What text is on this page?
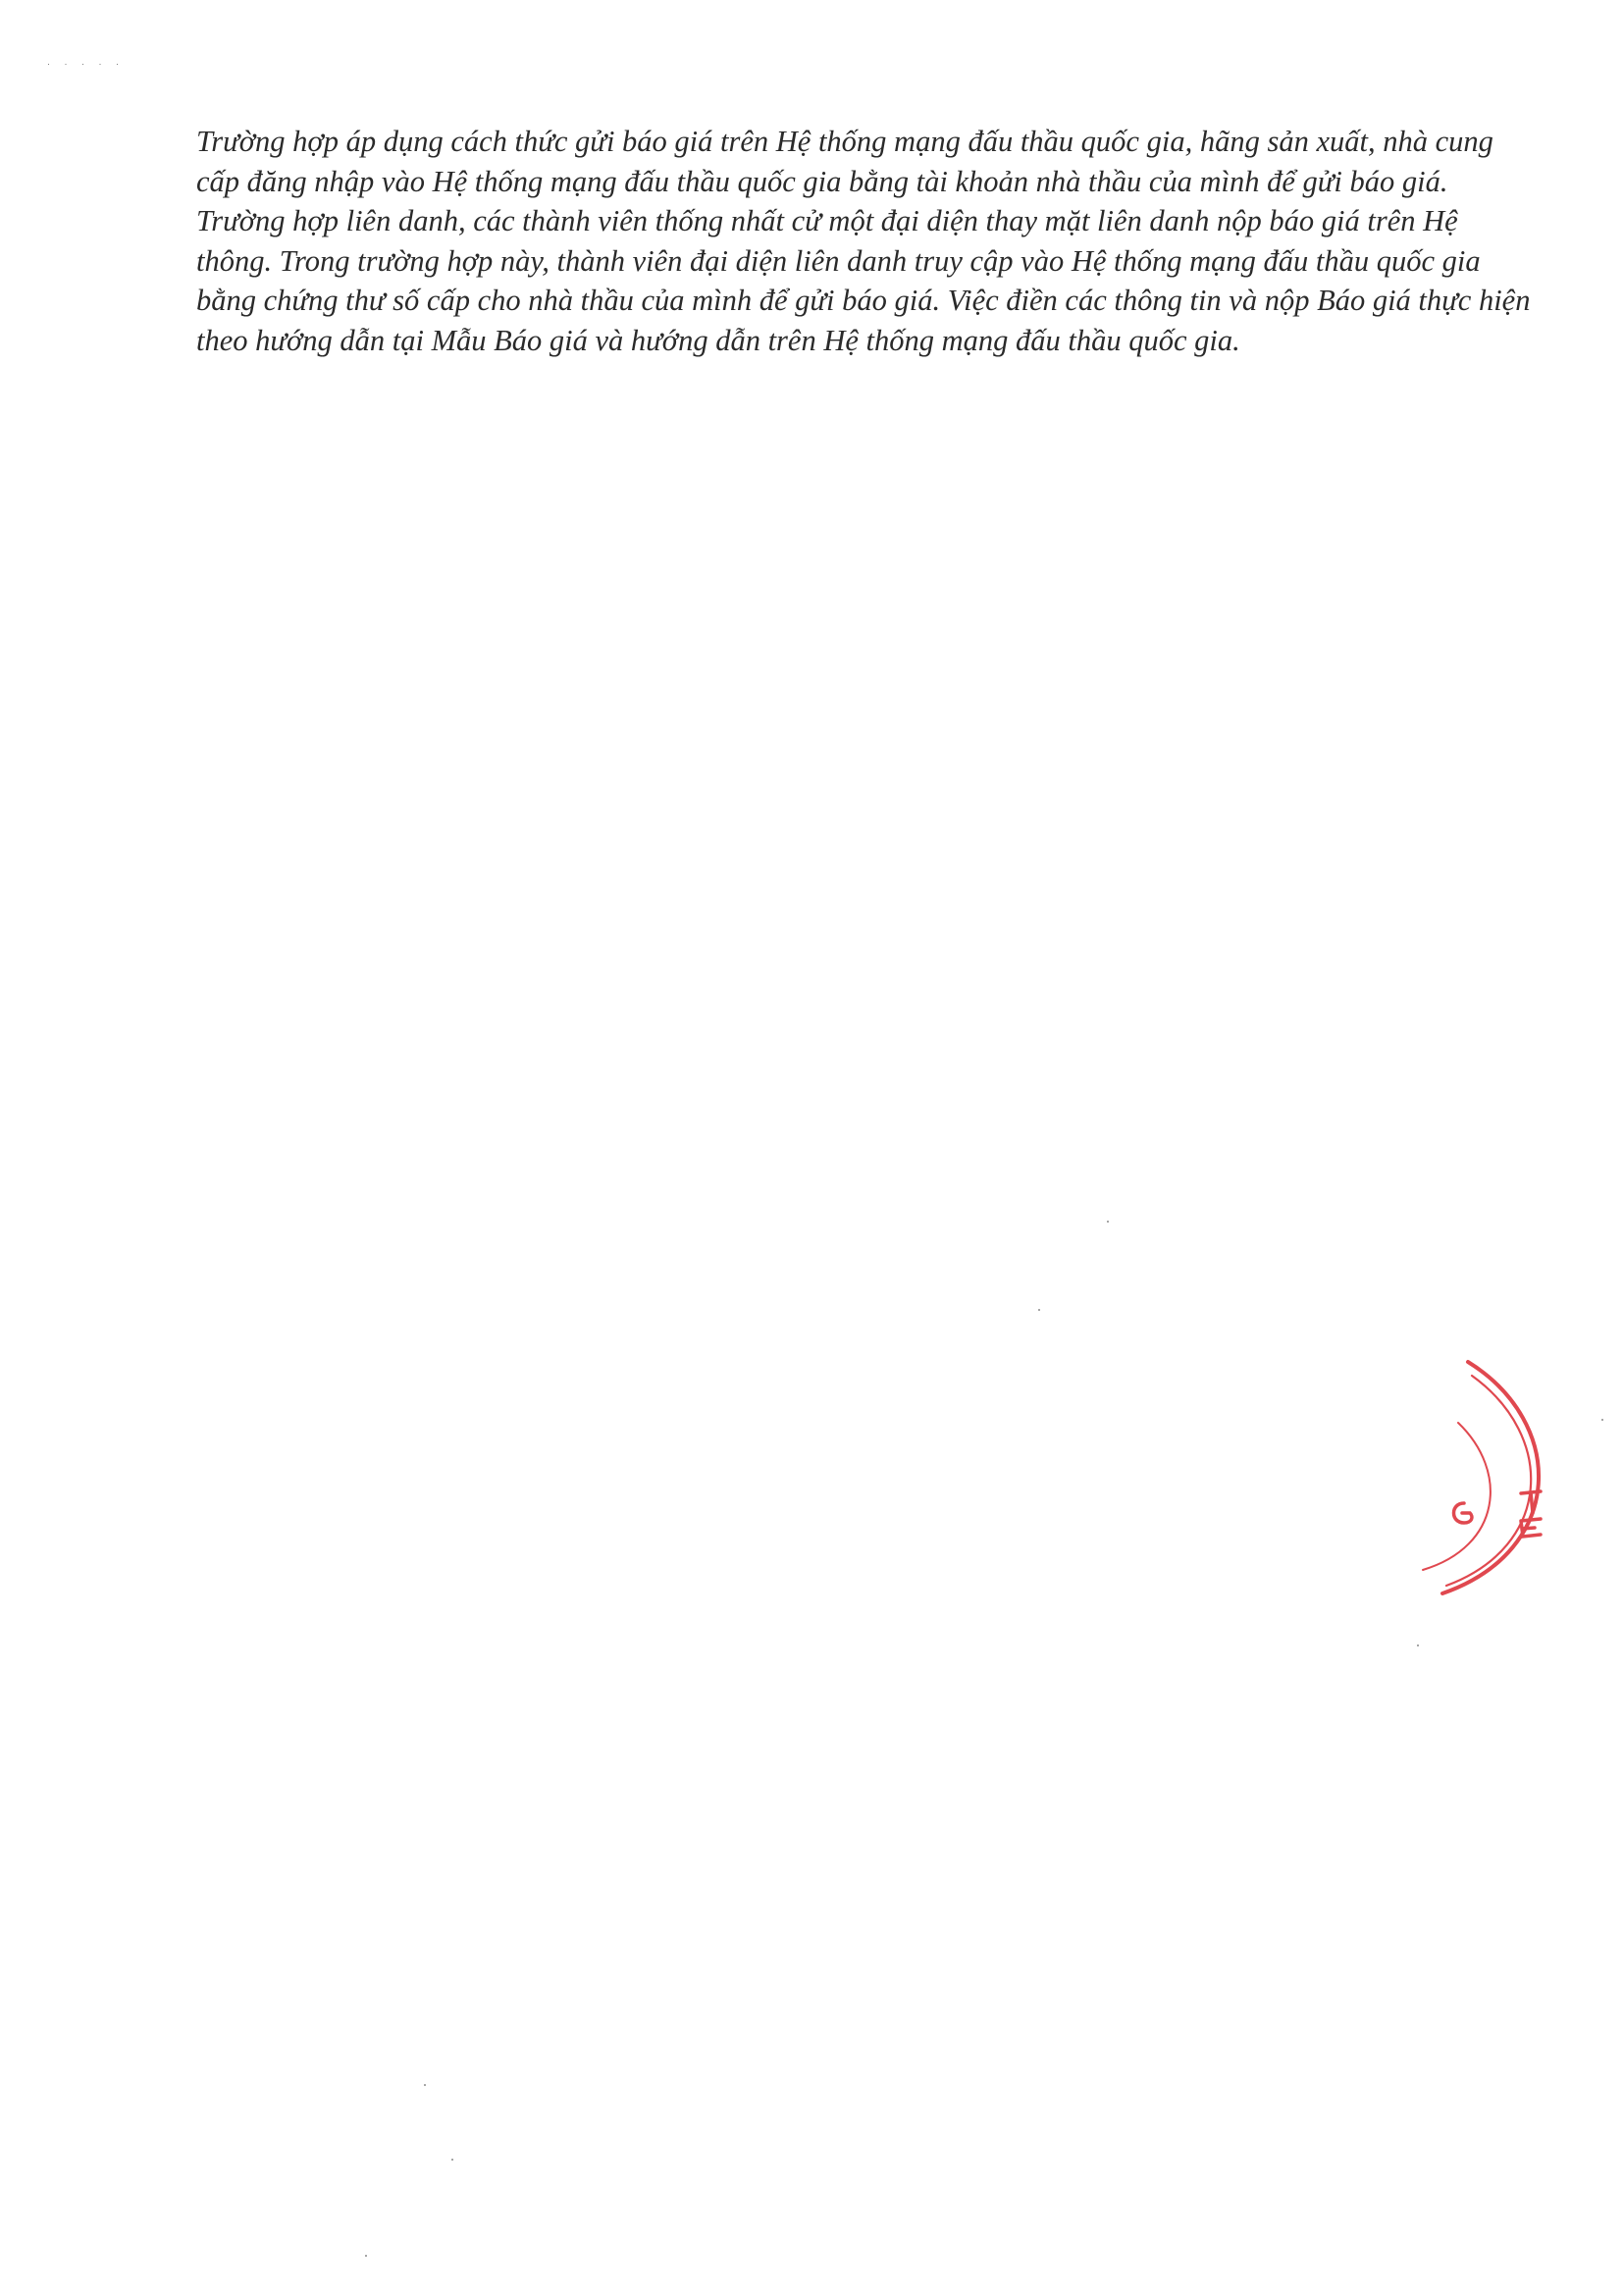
· · · · ·

Trường hợp áp dụng cách thức gửi báo giá trên Hệ thống mạng đấu thầu quốc gia, hãng sản xuất, nhà cung cấp đăng nhập vào Hệ thống mạng đấu thầu quốc gia bằng tài khoản nhà thầu của mình để gửi báo giá. Trường hợp liên danh, các thành viên thống nhất cử một đại diện thay mặt liên danh nộp báo giá trên Hệ thông. Trong trường hợp này, thành viên đại diện liên danh truy cập vào Hệ thống mạng đấu thầu quốc gia bằng chứng thư số cấp cho nhà thầu của mình để gửi báo giá. Việc điền các thông tin và nộp Báo giá thực hiện theo hướng dẫn tại Mẫu Báo giá và hướng dẫn trên Hệ thống mạng đấu thầu quốc gia.
